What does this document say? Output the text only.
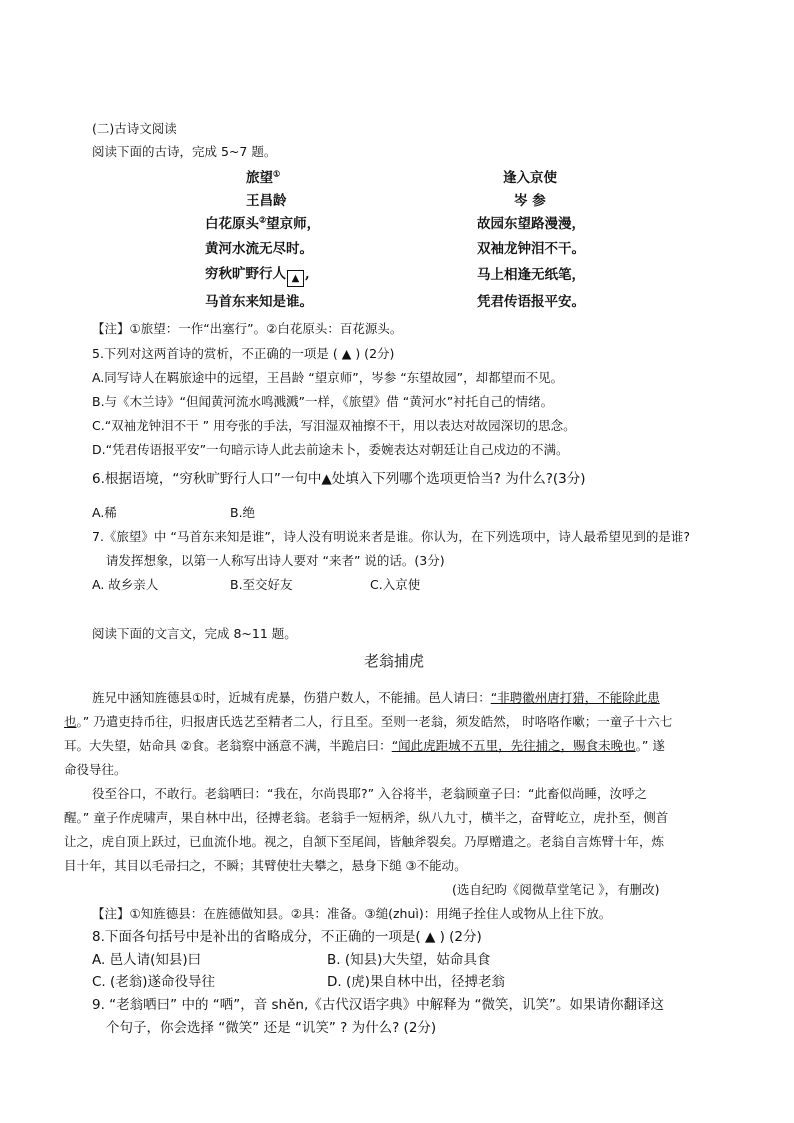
(二)古诗文阅读
阅读下面的古诗，完成 5~7 题。
旅望①
王昌龄
白花原头②望京师，
黄河水流无尽时。
穷秋旷野行人 ▲ ,
马首东来知是谁。
逢入京使
岑 参
故园东望路漫漫，
双袖龙钟泪不干。
马上相逢无纸笔，
凭君传语报平安。
【注】①旅望：一作“出塞行”。②白花原头：百花源头。
5.下列对这两首诗的赏析，不正确的一项是 ( ▲ ) (2分)
A.同写诗人在羁旅途中的远望，王昌龄 “望京师”，岑参 “东望故园”，却都望而不见。
B.与《木兰诗》“但闻黄河流水鸣溅溅”一样，《旅望》借 “黄河水”衬托自己的情绪。
C.“双袖龙钟泪不干 ” 用夸张的手法，写泪湿双袖擦不干，用以表达对故园深切的思念。
D.“凭君传语报平安”一句暗示诗人此去前途未卜，委婉表达对朝廷让自己戍边的不满。
6.根据语境，“穷秋旷野行人口”一句中▲处填入下列哪个选项更恰当? 为什么?(3分)
A.稀	B.绝
7.《旅望》中 “马首东来知是谁”，诗人没有明说来者是谁。你认为，在下列选项中，诗人最希望见到的是谁?
请发挥想象，以第一人称写出诗人要对 “来者” 说的话。(3分)
A. 故乡亲人	B.至交好友	C.入京使
阅读下面的文言文，完成 8~11 题。
老翁捕虎
旌兄中涵知旌德县①时，近城有虎暴，伤猎户数人，不能捕。邑人请曰：“非聘徽州唐打猎，不能除此患
也。” 乃遣吏持币往，归报唐氏选艺至精者二人，行且至。至则一老翁，须发皓然， 时咯咯作嗽；一童子十六七
耳。大失望，姑命具 ②食。老翁察中涵意不满，半跪启曰：“闻此虎距城不五里，先往捕之，赐食未晚也。” 遂
命役导往。
役至谷口，不敢行。老翁哂曰：“我在，尔尚畏耶?” 入谷将半，老翁顾童子曰：“此畜似尚睡，汝呼之
醒。” 童子作虎啸声，果自林中出，径搏老翁。老翁手一短柄斧，纵八九寸，横半之，奋臂屹立，虎扑至，侧首
让之，虎自顶上跃过，已血流仆地。视之，自颔下至尾闾，皆触斧裂矣。乃厚赠遣之。老翁自言炼臂十年，炼
目十年，其目以毛帚扫之，不瞬；其臂使壮夫攀之，悬身下缒 ③不能动。
(选自纪昀《阅微草堂笔记 》，有删改)
【注】①知旌德县：在旌德做知县。②具：准备。③缒(zhuì)：用绳子拴住人或物从上往下放。
8.下面各句括号中是补出的省略成分，不正确的一项是( ▲ ) (2分)
A. 邑人请(知县)曰	B. (知县)大失望，姑命具食
C. (老翁)遂命役导往	D. (虎)果自林中出，径搏老翁
9. “老翁哂曰” 中的 “哂”，音 shěn,《古代汉语字典》中解释为 “微笑，讥笑”。如果请你翻译这
个句子，你会选择 “微笑” 还是 “讥笑” ? 为什么? (2分)
